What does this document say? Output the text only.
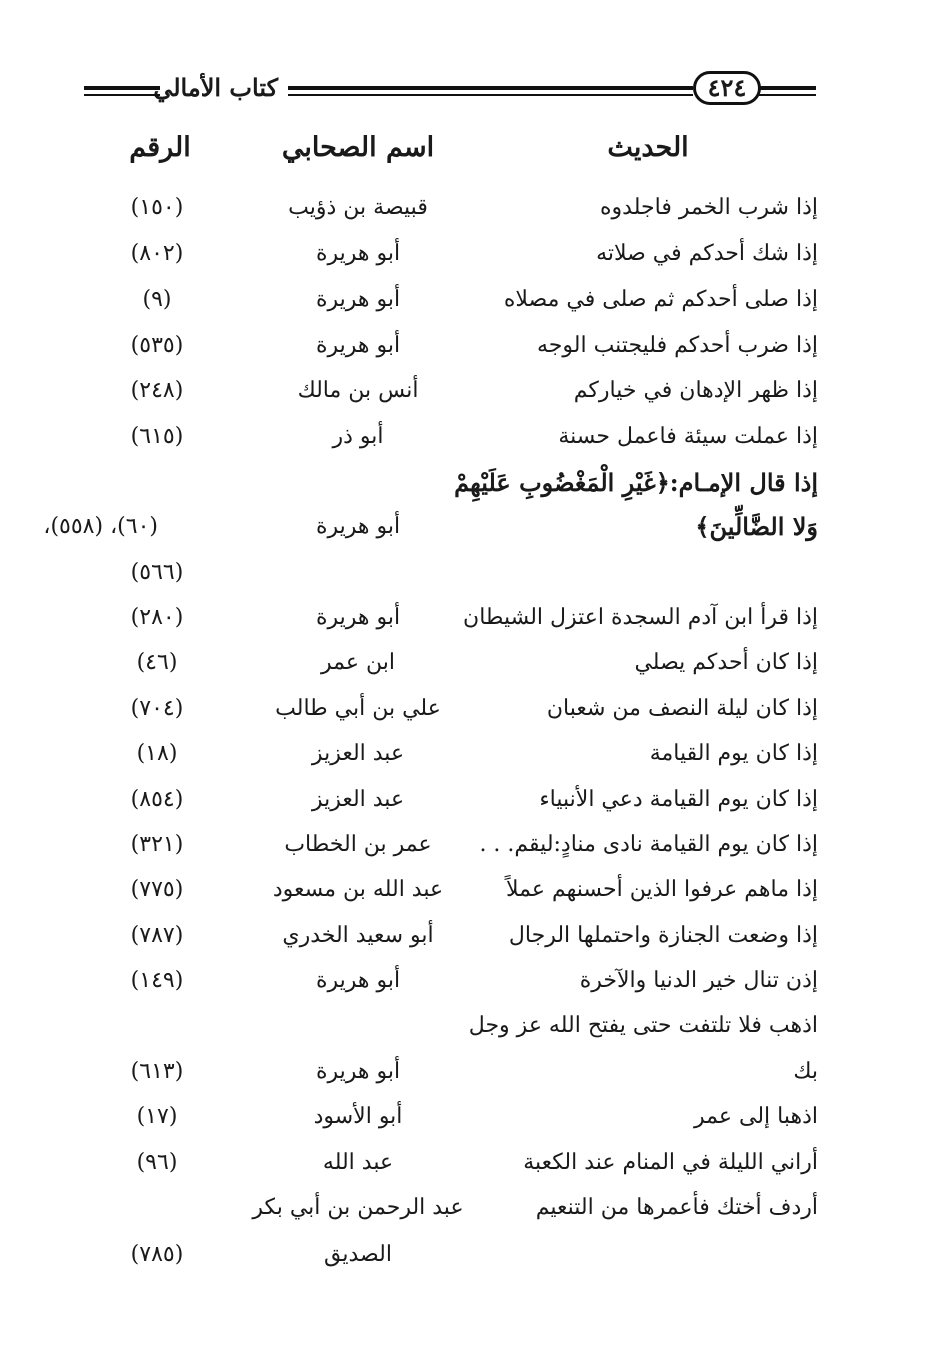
٤٢٤
كتاب الأمالي
الحديث
اسم الصحابي
الرقم
إذا شرب الخمر فاجلدوه
قبيصة بن ذؤيب
(١٥٠)
إذا شك أحدكم في صلاته
أبو هريرة
(٨٠٢)
إذا صلى أحدكم ثم صلى في مصلاه
أبو هريرة
(٩)
إذا ضرب أحدكم فليجتنب الوجه
أبو هريرة
(٥٣٥)
إذا ظهر الإدهان في خياركم
أنس بن مالك
(٢٤٨)
إذا عملت سيئة فاعمل حسنة
أبو ذر
(٦١٥)
إذا قال الإمـام:﴿غَيْرِ الْمَغْضُوبِ عَلَيْهِمْ
وَلا الضَّالِّينَ﴾
أبو هريرة
(٦٠)، (٥٥٨)،
(٥٦٦)
إذا قرأ ابن آدم السجدة اعتزل الشيطان
أبو هريرة
(٢٨٠)
إذا كان أحدكم يصلي
ابن عمر
(٤٦)
إذا كان ليلة النصف من شعبان
علي بن أبي طالب
(٧٠٤)
إذا كان يوم القيامة
عبد العزيز
(١٨)
إذا كان يوم القيامة دعي الأنبياء
عبد العزيز
(٨٥٤)
إذا كان يوم القيامة نادى منادٍ:ليقم. . .
عمر بن الخطاب
(٣٢١)
إذا ماهم عرفوا الذين أحسنهم عملاً
عبد الله بن مسعود
(٧٧٥)
إذا وضعت الجنازة واحتملها الرجال
أبو سعيد الخدري
(٧٨٧)
إذن تنال خير الدنيا والآخرة
أبو هريرة
(١٤٩)
اذهب فلا تلتفت حتى يفتح الله عز وجل
بك
أبو هريرة
(٦١٣)
اذهبا إلى عمر
أبو الأسود
(١٧)
أراني الليلة في المنام عند الكعبة
عبد الله
(٩٦)
أردف أختك فأعمرها من التنعيم
عبد الرحمن بن أبي بكر
الصديق
(٧٨٥)
